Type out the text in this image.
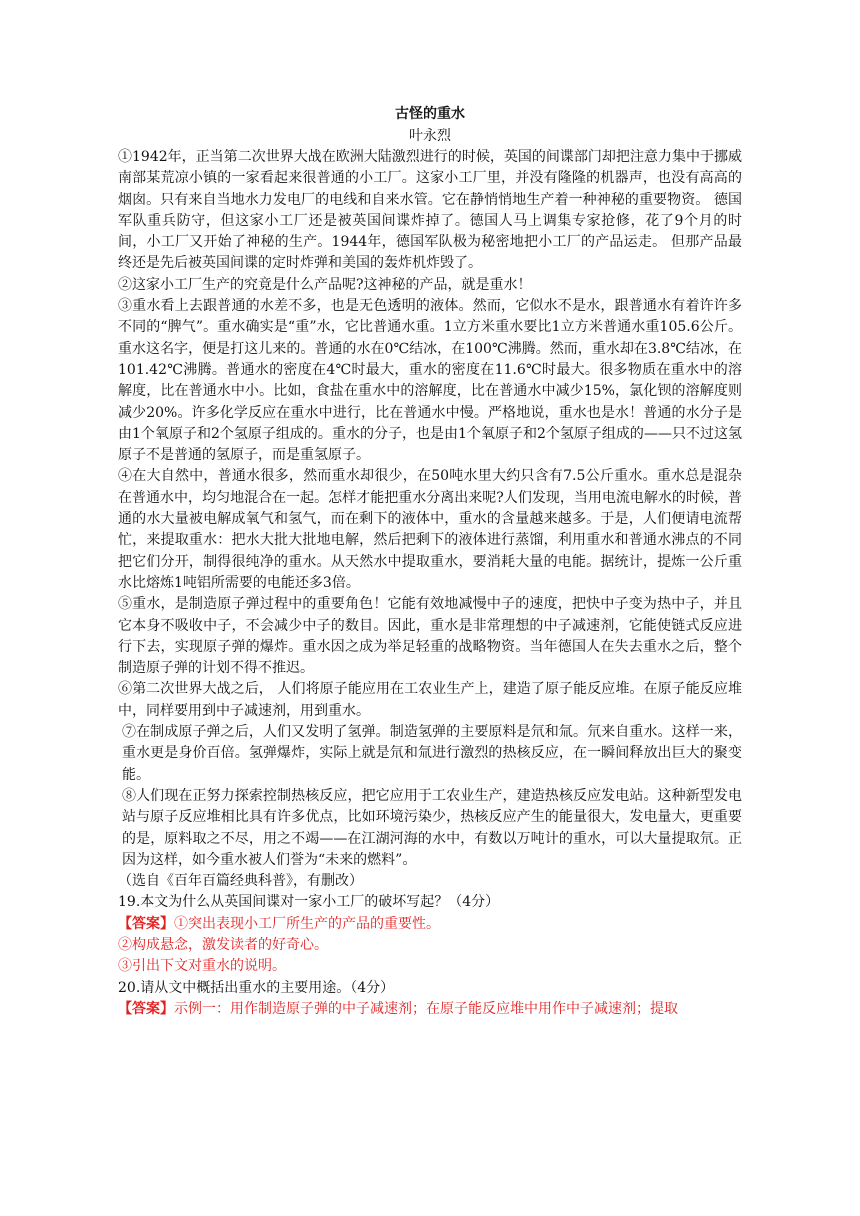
古怪的重水

叶永烈

①1942年，正当第二次世界大战在欧洲大陆激烈进行的时候，英国的间谍部门却把注意力集中于挪威南部某荒凉小镇的一家看起来很普通的小工厂。这家小工厂里，并没有隆隆的机器声，也没有高高的烟囱。只有来自当地水力发电厂的电线和自来水管。它在静悄悄地生产着一种神秘的重要物资。 德国军队重兵防守，但这家小工厂还是被英国间谍炸掉了。德国人马上调集专家抢修，花了9个月的时间，小工厂又开始了神秘的生产。1944年，德国军队极为秘密地把小工厂的产品运走。 但那产品最终还是先后被英国间谍的定时炸弹和美国的轰炸机炸毁了。

②这家小工厂生产的究竟是什么产品呢?这神秘的产品，就是重水！

③重水看上去跟普通的水差不多，也是无色透明的液体。然而，它似水不是水，跟普通水有着许许多不同的“脾气”。重水确实是“重”水，它比普通水重。1立方米重水要比1立方米普通水重105.6公斤。重水这名字，便是打这儿来的。普通的水在0℃结冰，在100℃沸腾。然而，重水却在3.8℃结冰，在101.42℃沸腾。普通水的密度在4℃时最大，重水的密度在11.6℃时最大。很多物质在重水中的溶解度，比在普通水中小。比如，食盐在重水中的溶解度，比在普通水中减少15%，氯化钡的溶解度则减少20%。许多化学反应在重水中进行，比在普通水中慢。严格地说，重水也是水！普通的水分子是由1个氧原子和2个氢原子组成的。重水的分子，也是由1个氧原子和2个氢原子组成的——只不过这氢原子不是普通的氢原子，而是重氢原子。

④在大自然中，普通水很多，然而重水却很少，在50吨水里大约只含有7.5公斤重水。重水总是混杂在普通水中，均匀地混合在一起。怎样才能把重水分离出来呢?人们发现，当用电流电解水的时候，普通的水大量被电解成氧气和氢气，而在剩下的液体中，重水的含量越来越多。于是，人们便请电流帮忙，来提取重水：把水大批大批地电解，然后把剩下的液体进行蒸馏，利用重水和普通水沸点的不同把它们分开，制得很纯净的重水。从天然水中提取重水，要消耗大量的电能。据统计，提炼一公斤重水比熔炼1吨铝所需要的电能还多3倍。

⑤重水，是制造原子弹过程中的重要角色！它能有效地减慢中子的速度，把快中子变为热中子，并且它本身不吸收中子，不会减少中子的数目。因此，重水是非常理想的中子减速剂，它能使链式反应进行下去，实现原子弹的爆炸。重水因之成为举足轻重的战略物资。当年德国人在失去重水之后，整个制造原子弹的计划不得不推迟。

⑥第二次世界大战之后， 人们将原子能应用在工农业生产上，建造了原子能反应堆。在原子能反应堆中，同样要用到中子减速剂，用到重水。

⑦在制成原子弹之后，人们又发明了氢弹。制造氢弹的主要原料是氘和氚。氘来自重水。这样一来，重水更是身价百倍。氢弹爆炸，实际上就是氘和氚进行激烈的热核反应，在一瞬间释放出巨大的聚变能。

⑧人们现在正努力探索控制热核反应，把它应用于工农业生产，建造热核反应发电站。这种新型发电站与原子反应堆相比具有许多优点，比如环境污染少，热核反应产生的能量很大，发电量大，更重要的是，原料取之不尽，用之不竭——在江湖河海的水中，有数以万吨计的重水，可以大量提取氘。正因为这样，如今重水被人们誉为“未来的燃料”。

（选自《百年百篇经典科普》，有删改）

19.本文为什么从英国间谍对一家小工厂的破坏写起？（4分）

【答案】①突出表现小工厂所生产的产品的重要性。

②构成悬念，激发读者的好奇心。

③引出下文对重水的说明。

20.请从文中概括出重水的主要用途。（4分）

【答案】示例一：用作制造原子弹的中子减速剂；在原子能反应堆中用作中子减速剂；提取
